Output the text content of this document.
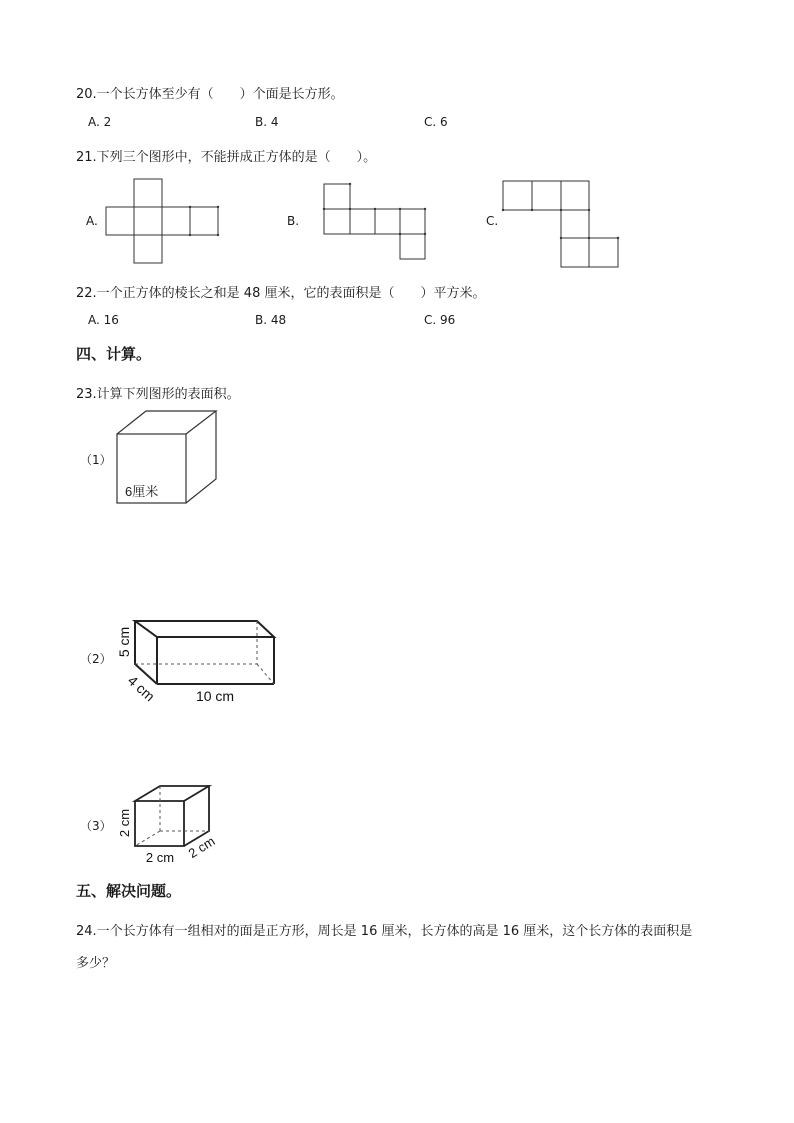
20.一个长方体至少有（　　）个面是长方形。
A. 2	B. 4	C. 6
21.下列三个图形中，不能拼成正方体的是（　　）。
A.	B.	C.
22.一个正方体的棱长之和是 48 厘米，它的表面积是（　　）平方米。
A. 16	B. 48	C. 96
四、计算。
23.计算下列图形的表面积。
（1）
6厘米
（2）
5 cm
4 cm	10 cm
（3） 2 cm
2 cm 2 cm
五、解决问题。
24.一个长方体有一组相对的面是正方形，周长是 16 厘米，长方体的高是 16 厘米，这个长方体的表面积是
多少？
